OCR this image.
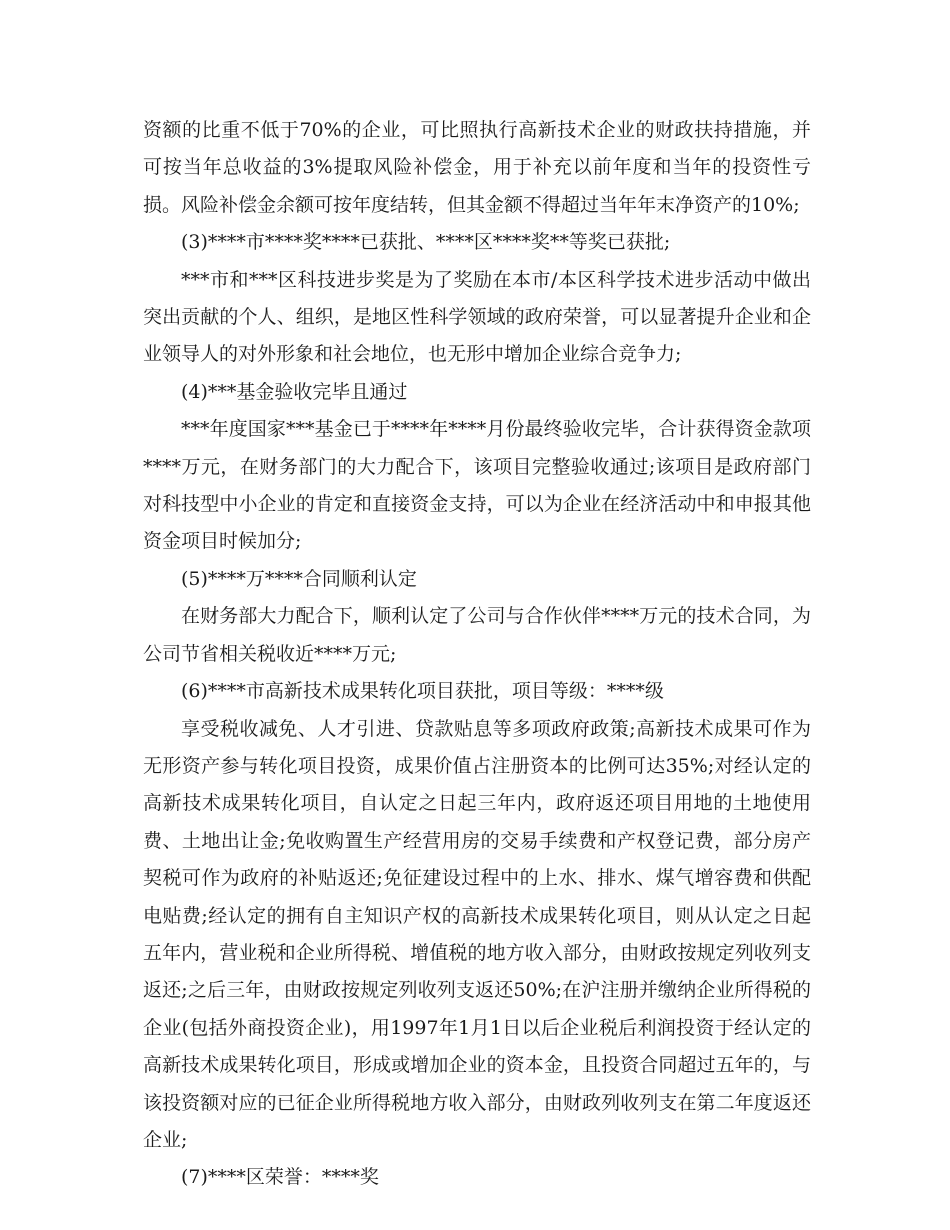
资额的比重不低于70%的企业，可比照执行高新技术企业的财政扶持措施，并可按当年总收益的3%提取风险补偿金，用于补充以前年度和当年的投资性亏损。风险补偿金余额可按年度结转，但其金额不得超过当年年末净资产的10%;

(3)****市****奖****已获批、****区****奖**等奖已获批;

***市和***区科技进步奖是为了奖励在本市/本区科学技术进步活动中做出突出贡献的个人、组织，是地区性科学领域的政府荣誉，可以显著提升企业和企业领导人的对外形象和社会地位，也无形中增加企业综合竞争力;

(4)***基金验收完毕且通过

***年度国家***基金已于****年****月份最终验收完毕，合计获得资金款项****万元，在财务部门的大力配合下，该项目完整验收通过;该项目是政府部门对科技型中小企业的肯定和直接资金支持，可以为企业在经济活动中和申报其他资金项目时候加分;

(5)****万****合同顺利认定

在财务部大力配合下，顺利认定了公司与合作伙伴****万元的技术合同，为公司节省相关税收近****万元;

(6)****市高新技术成果转化项目获批，项目等级：****级

享受税收减免、人才引进、贷款贴息等多项政府政策;高新技术成果可作为无形资产参与转化项目投资，成果价值占注册资本的比例可达35%;对经认定的高新技术成果转化项目，自认定之日起三年内，政府返还项目用地的土地使用费、土地出让金;免收购置生产经营用房的交易手续费和产权登记费，部分房产契税可作为政府的补贴返还;免征建设过程中的上水、排水、煤气增容费和供配电贴费;经认定的拥有自主知识产权的高新技术成果转化项目，则从认定之日起五年内，营业税和企业所得税、增值税的地方收入部分，由财政按规定列收列支返还;之后三年，由财政按规定列收列支返还50%;在沪注册并缴纳企业所得税的企业(包括外商投资企业)，用1997年1月1日以后企业税后利润投资于经认定的高新技术成果转化项目，形成或增加企业的资本金，且投资合同超过五年的，与该投资额对应的已征企业所得税地方收入部分，由财政列收列支在第二年度返还企业;

(7)****区荣誉：****奖
